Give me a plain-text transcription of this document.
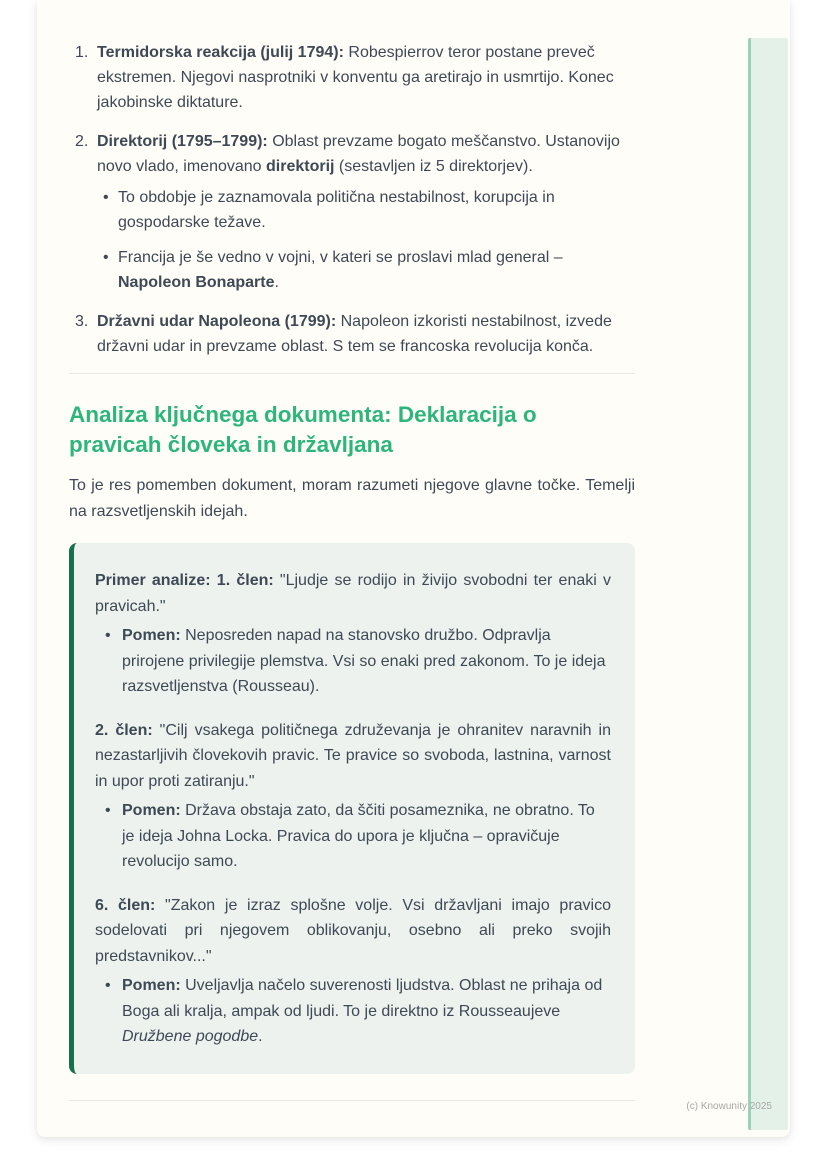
1. Termidorska reakcija (julij 1794): Robespierrov teror postane preveč ekstremen. Njegovi nasprotniki v konventu ga aretirajo in usmrtijo. Konec jakobinske diktature.
2. Direktorij (1795–1799): Oblast prevzame bogato meščanstvo. Ustanovijo novo vlado, imenovano direktorij (sestavljen iz 5 direktorjev).
• To obdobje je zaznamovala politična nestabilnost, korupcija in gospodarske težave.
• Francija je še vedno v vojni, v kateri se proslavi mlad general – Napoleon Bonaparte.
3. Državni udar Napoleona (1799): Napoleon izkoristi nestabilnost, izvede državni udar in prevzame oblast. S tem se francoska revolucija konča.
Analiza ključnega dokumenta: Deklaracija o pravicah človeka in državljana

To je res pomemben dokument, moram razumeti njegove glavne točke. Temelji na razsvetljenskih idejah.

Primer analize: 1. člen: "Ljudje se rodijo in živijo svobodni ter enaki v pravicah."

• Pomen: Neposreden napad na stanovsko družbo. Odpravlja prirojene privilegije plemstva. Vsi so enaki pred zakonom. To je ideja razsvetljenstva (Rousseau).

2. člen: "Cilj vsakega političnega združevanja je ohranitev naravnih in nezastarljivih človekovih pravic. Te pravice so svoboda, lastnina, varnost in upor proti zatiranju."

• Pomen: Država obstaja zato, da ščiti posameznika, ne obratno. To je ideja Johna Locka. Pravica do upora je ključna – opravičuje revolucijo samo.

6. člen: "Zakon je izraz splošne volje. Vsi državljani imajo pravico sodelovati pri njegovem oblikovanju, osebno ali preko svojih predstavnikov..."

• Pomen: Uveljavlja načelo suverenosti ljudstva. Oblast ne prihaja od Boga ali kralja, ampak od ljudi. To je direktno iz Rousseaujeve Družbene pogodbe.
(c) Knowunity 2025
